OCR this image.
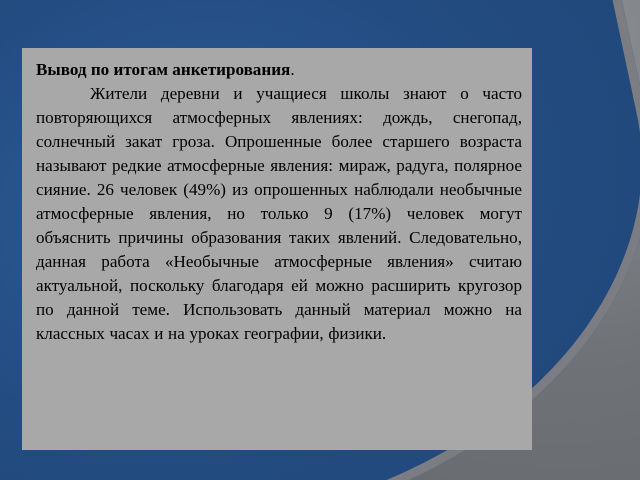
Вывод по итогам анкетирования.

Жители деревни и учащиеся школы знают о часто повторяющихся атмосферных явлениях: дождь, снегопад, солнечный закат гроза. Опрошенные более старшего возраста называют редкие атмосферные явления: мираж, радуга, полярное сияние. 26 человек (49%) из опрошенных наблюдали необычные атмосферные явления, но только 9 (17%) человек могут объяснить причины образования таких явлений. Следовательно, данная работа «Необычные атмосферные явления» считаю актуальной, поскольку благодаря ей можно расширить кругозор по данной теме. Использовать данный материал можно на классных часах и на уроках географии, физики.
